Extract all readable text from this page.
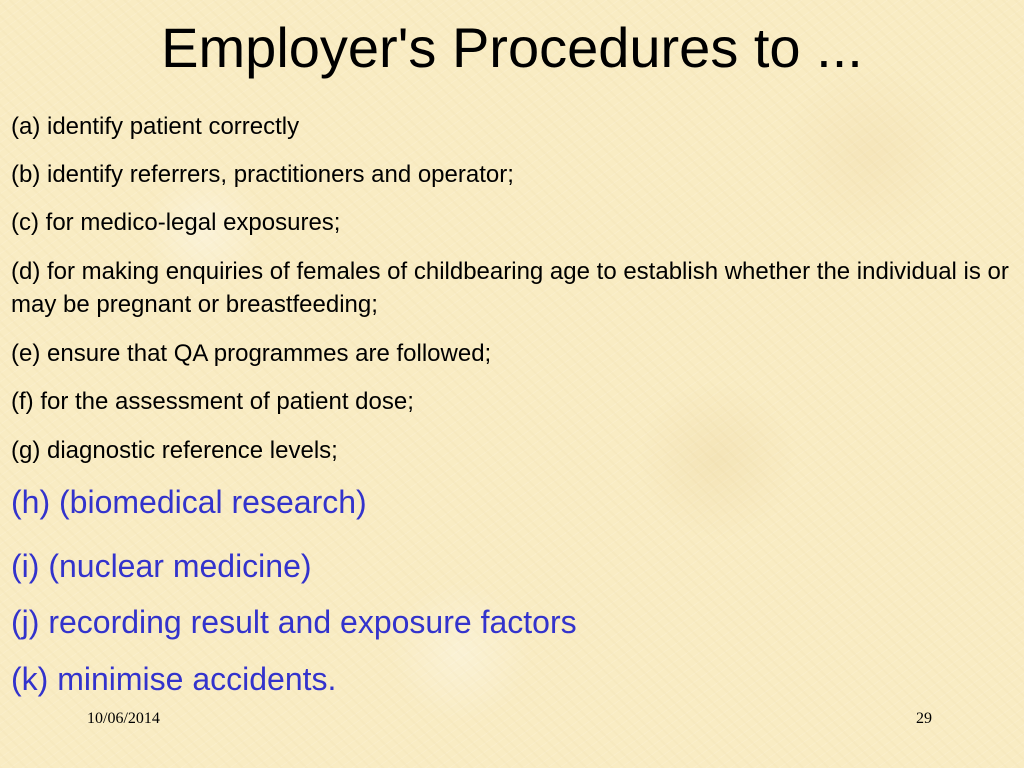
Employer's Procedures to ...

(a) identify patient correctly

(b) identify referrers, practitioners and operator;

(c) for medico-legal exposures;

(d) for making enquiries of females of childbearing age to establish whether the individual is or may be pregnant or breastfeeding;

(e) ensure that QA programmes are followed;

(f) for the assessment of patient dose;

(g) diagnostic reference levels;

(h) (biomedical research)

(i) (nuclear medicine)

(j) recording result and exposure factors

(k) minimise accidents.

10/06/2014	29
